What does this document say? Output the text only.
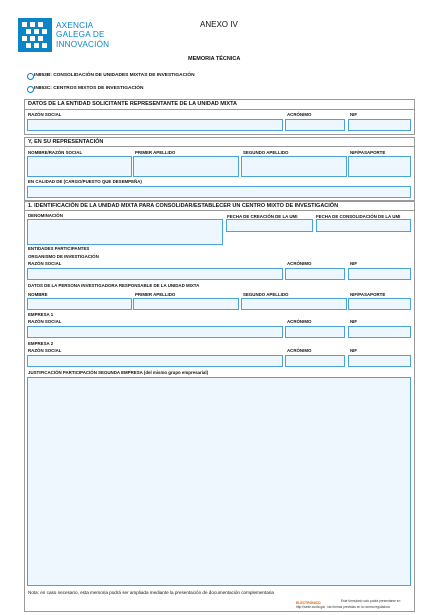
AXENCIA
GALEGA DE
INNOVACIÓN
ANEXO IV
MEMORIA TÉCNICA
IN853B: CONSOLIDACIÓN DE UNIDADES MIXTAS DE INVESTIGACIÓN
IN853C: CENTROS MIXTOS DE INVESTIGACIÓN
DATOS DE LA ENTIDAD SOLICITANTE REPRESENTANTE DE LA UNIDAD MIXTA
RAZÓN SOCIAL	ACRÓNIMO	NIF
Y, EN SU REPRESENTACIÓN
NOMBRE/RAZÓN SOCIAL	PRIMER APELLIDO	SEGUNDO APELLIDO	NIF/PASAPORTE
EN CALIDAD DE (CARGO/PUESTO QUE DESEMPEÑA)
1. IDENTIFICACIÓN DE LA UNIDAD MIXTA PARA CONSOLIDAR/ESTABLECER UN CENTRO MIXTO DE INVESTIGACIÓN
DENOMINACIÓN	FECHA DE CREACIÓN DE LA UMI	FECHA DE CONSOLIDACIÓN DE LA UMI
ENTIDADES PARTICIPANTES
ORGANISMO DE INVESTIGACIÓN
RAZÓN SOCIAL	ACRÓNIMO	NIF
DATOS DE LA PERSONA INVESTIGADORA RESPONSABLE DE LA UNIDAD MIXTA
NOMBRE	PRIMER APELLIDO	SEGUNDO APELLIDO	NIF/PASAPORTE
EMPRESA 1
RAZÓN SOCIAL	ACRÓNIMO	NIF
EMPRESA 2
RAZÓN SOCIAL	ACRÓNIMO	NIF
JUSTIFICACIÓN PARTICIPACIÓN SEGUNDA EMPRESA (del mismo grupo empresarial)
Nota: en caso necesario, esta memoria podrá ser ampliada mediante la presentación de documentación complementaria
ELECTRÓNICO	Este formulario solo podrá presentarse en
http://sede.xunta.gal · las formas previstas en la norma reguladora
